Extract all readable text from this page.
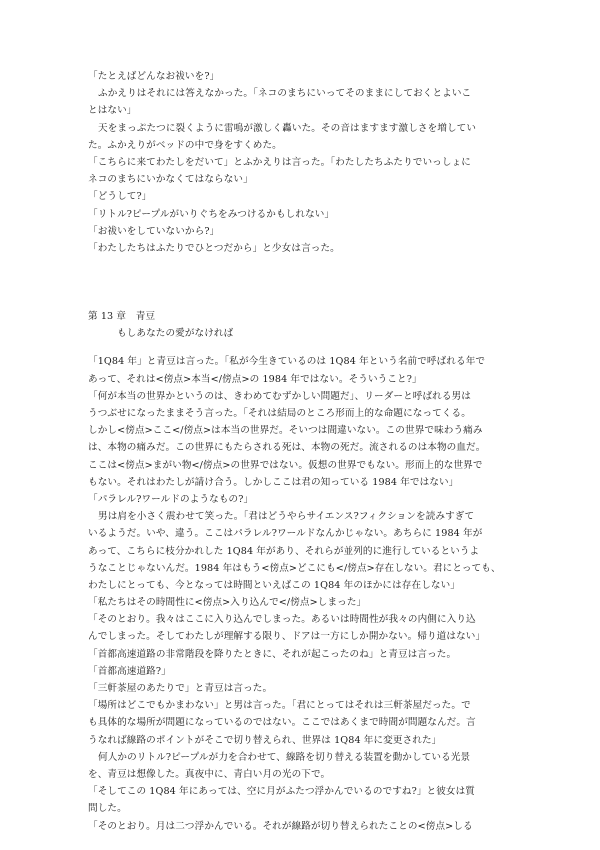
「たとえばどんなお祓いを?」
ふかえりはそれには答えなかった。「ネコのまちにいってそのままにしておくとよいこ
とはない」
天をまっぷたつに裂くように雷鳴が激しく轟いた。その音はますます激しさを増してい
た。ふかえりがベッドの中で身をすくめた。
「こちらに来てわたしをだいて」とふかえりは言った。「わたしたちふたりでいっしょに
ネコのまちにいかなくてはならない」
「どうして?」
「リトル?ピープルがいりぐちをみつけるかもしれない」
「お祓いをしていないから?」
「わたしたちはふたりでひとつだから」と少女は言った。
第 13 章　青豆
もしあなたの愛がなければ
「1Q84 年」と青豆は言った。「私が今生きているのは 1Q84 年という名前で呼ばれる年で
あって、それは<傍点>本当</傍点>の 1984 年ではない。そういうこと?」
「何が本当の世界かというのは、きわめてむずかしい問題だ」、リーダーと呼ばれる男は
うつぶせになったままそう言った。「それは結局のところ形而上的な命題になってくる。
しかし<傍点>ここ</傍点>は本当の世界だ。そいつは間違いない。この世界で味わう痛み
は、本物の痛みだ。この世界にもたらされる死は、本物の死だ。流されるのは本物の血だ。
ここは<傍点>まがい物</傍点>の世界ではない。仮想の世界でもない。形而上的な世界で
もない。それはわたしが請け合う。しかしここは君の知っている 1984 年ではない」
「パラレル?ワールドのようなもの?」
男は肩を小さく震わせて笑った。「君はどうやらサイエンス?フィクションを読みすぎて
いるようだ。いや、違う。ここはパラレル?ワールドなんかじゃない。あちらに 1984 年が
あって、こちらに枝分かれした 1Q84 年があり、それらが並列的に進行しているというよ
うなことじゃないんだ。1984 年はもう<傍点>どこにも</傍点>存在しない。君にとっても、
わたしにとっても、今となっては時間といえばこの 1Q84 年のほかには存在しない」
「私たちはその時間性に<傍点>入り込んで</傍点>しまった」
「そのとおり。我々はここに入り込んでしまった。あるいは時間性が我々の内側に入り込
んでしまった。そしてわたしが理解する限り、ドアは一方にしか開かない。帰り道はない」
「首都高速道路の非常階段を降りたときに、それが起こったのね」と青豆は言った。
「首都高速道路?」
「三軒茶屋のあたりで」と青豆は言った。
「場所はどこでもかまわない」と男は言った。「君にとってはそれは三軒茶屋だった。で
も具体的な場所が問題になっているのではない。ここではあくまで時間が問題なんだ。言
うなれば線路のポイントがそこで切り替えられ、世界は 1Q84 年に変更された」
何人かのリトル?ピープルが力を合わせて、線路を切り替える装置を動かしている光景
を、青豆は想像した。真夜中に、青白い月の光の下で。
「そしてこの 1Q84 年にあっては、空に月がふたつ浮かんでいるのですね?」と彼女は質
問した。
「そのとおり。月は二つ浮かんでいる。それが線路が切り替えられたことの<傍点>しる
